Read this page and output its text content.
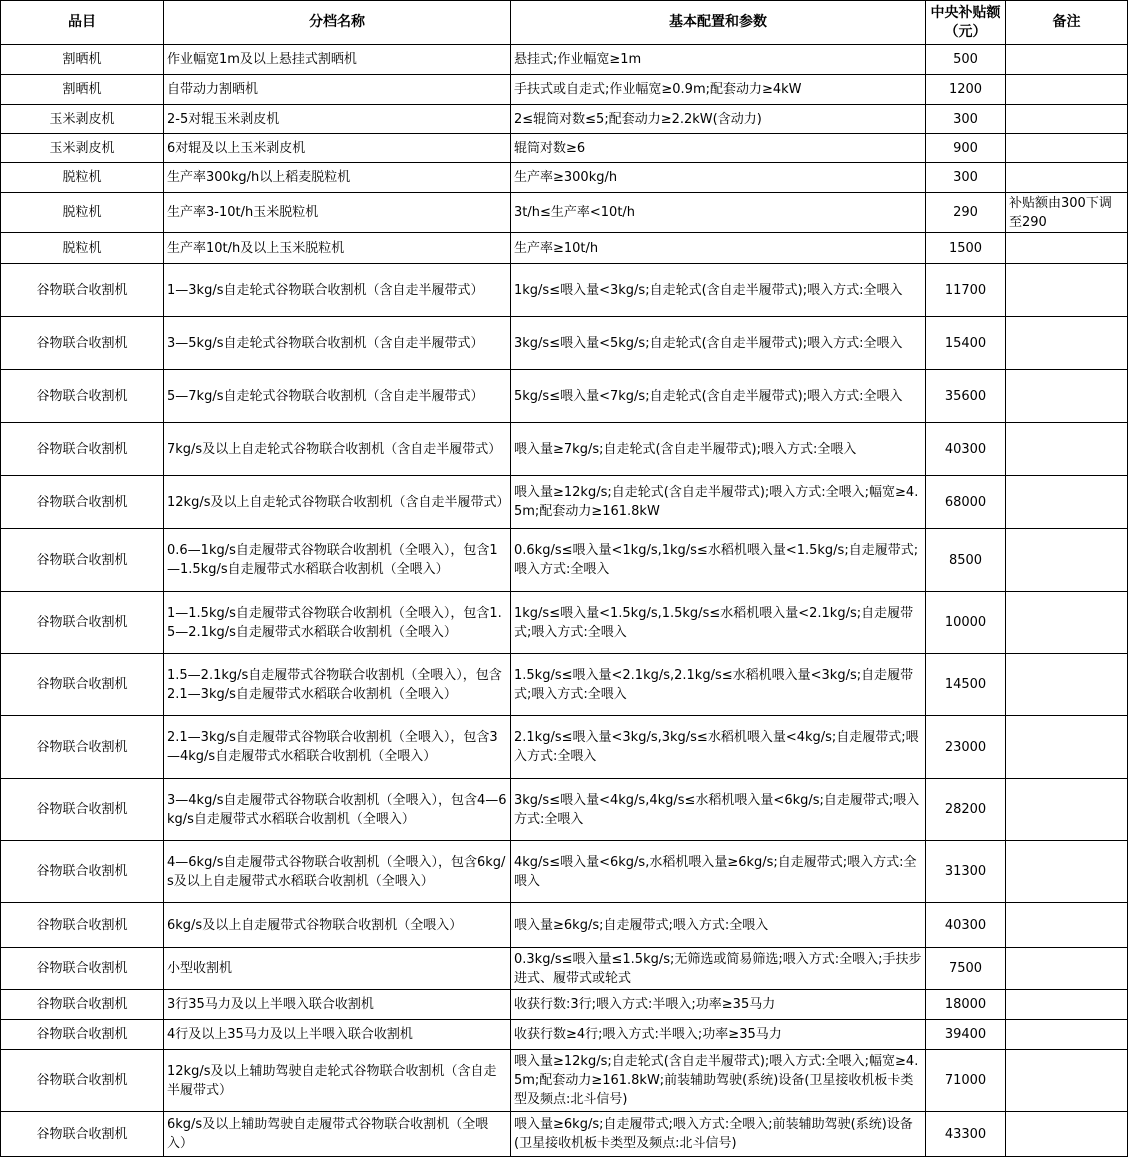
品目	分档名称	基本配置和参数	中央补贴额（元）	备注
割晒机	作业幅宽1m及以上悬挂式割晒机	悬挂式;作业幅宽≥1m	500	
割晒机	自带动力割晒机	手扶式或自走式;作业幅宽≥0.9m;配套动力≥4kW	1200	
玉米剥皮机	2-5对辊玉米剥皮机	2≤辊筒对数≤5;配套动力≥2.2kW(含动力)	300	
玉米剥皮机	6对辊及以上玉米剥皮机	辊筒对数≥6	900	
脱粒机	生产率300kg/h以上稻麦脱粒机	生产率≥300kg/h	300	
脱粒机	生产率3-10t/h玉米脱粒机	3t/h≤生产率<10t/h	290	补贴额由300下调至290
脱粒机	生产率10t/h及以上玉米脱粒机	生产率≥10t/h	1500	
谷物联合收割机	1—3kg/s自走轮式谷物联合收割机（含自走半履带式）	1kg/s≤喂入量<3kg/s;自走轮式(含自走半履带式);喂入方式:全喂入	11700	
谷物联合收割机	3—5kg/s自走轮式谷物联合收割机（含自走半履带式）	3kg/s≤喂入量<5kg/s;自走轮式(含自走半履带式);喂入方式:全喂入	15400	
谷物联合收割机	5—7kg/s自走轮式谷物联合收割机（含自走半履带式）	5kg/s≤喂入量<7kg/s;自走轮式(含自走半履带式);喂入方式:全喂入	35600	
谷物联合收割机	7kg/s及以上自走轮式谷物联合收割机（含自走半履带式）	喂入量≥7kg/s;自走轮式(含自走半履带式);喂入方式:全喂入	40300	
谷物联合收割机	12kg/s及以上自走轮式谷物联合收割机（含自走半履带式）	喂入量≥12kg/s;自走轮式(含自走半履带式);喂入方式:全喂入;幅宽≥4.5m;配套动力≥161.8kW	68000	
谷物联合收割机	0.6—1kg/s自走履带式谷物联合收割机（全喂入），包含1—1.5kg/s自走履带式水稻联合收割机（全喂入）	0.6kg/s≤喂入量<1kg/s,1kg/s≤水稻机喂入量<1.5kg/s;自走履带式;喂入方式:全喂入	8500	
谷物联合收割机	1—1.5kg/s自走履带式谷物联合收割机（全喂入），包含1.5—2.1kg/s自走履带式水稻联合收割机（全喂入）	1kg/s≤喂入量<1.5kg/s,1.5kg/s≤水稻机喂入量<2.1kg/s;自走履带式;喂入方式:全喂入	10000	
谷物联合收割机	1.5—2.1kg/s自走履带式谷物联合收割机（全喂入），包含2.1—3kg/s自走履带式水稻联合收割机（全喂入）	1.5kg/s≤喂入量<2.1kg/s,2.1kg/s≤水稻机喂入量<3kg/s;自走履带式;喂入方式:全喂入	14500	
谷物联合收割机	2.1—3kg/s自走履带式谷物联合收割机（全喂入），包含3—4kg/s自走履带式水稻联合收割机（全喂入）	2.1kg/s≤喂入量<3kg/s,3kg/s≤水稻机喂入量<4kg/s;自走履带式;喂入方式:全喂入	23000	
谷物联合收割机	3—4kg/s自走履带式谷物联合收割机（全喂入），包含4—6kg/s自走履带式水稻联合收割机（全喂入）	3kg/s≤喂入量<4kg/s,4kg/s≤水稻机喂入量<6kg/s;自走履带式;喂入方式:全喂入	28200	
谷物联合收割机	4—6kg/s自走履带式谷物联合收割机（全喂入），包含6kg/s及以上自走履带式水稻联合收割机（全喂入）	4kg/s≤喂入量<6kg/s,水稻机喂入量≥6kg/s;自走履带式;喂入方式:全喂入	31300	
谷物联合收割机	6kg/s及以上自走履带式谷物联合收割机（全喂入）	喂入量≥6kg/s;自走履带式;喂入方式:全喂入	40300	
谷物联合收割机	小型收割机	0.3kg/s≤喂入量≤1.5kg/s;无筛选或简易筛选;喂入方式:全喂入;手扶步进式、履带式或轮式	7500	
谷物联合收割机	3行35马力及以上半喂入联合收割机	收获行数:3行;喂入方式:半喂入;功率≥35马力	18000	
谷物联合收割机	4行及以上35马力及以上半喂入联合收割机	收获行数≥4行;喂入方式:半喂入;功率≥35马力	39400	
谷物联合收割机	12kg/s及以上辅助驾驶自走轮式谷物联合收割机（含自走半履带式）	喂入量≥12kg/s;自走轮式(含自走半履带式);喂入方式:全喂入;幅宽≥4.5m;配套动力≥161.8kW;前装辅助驾驶(系统)设备(卫星接收机板卡类型及频点:北斗信号)	71000	
谷物联合收割机	6kg/s及以上辅助驾驶自走履带式谷物联合收割机（全喂入）	喂入量≥6kg/s;自走履带式;喂入方式:全喂入;前装辅助驾驶(系统)设备(卫星接收机板卡类型及频点:北斗信号)	43300	
